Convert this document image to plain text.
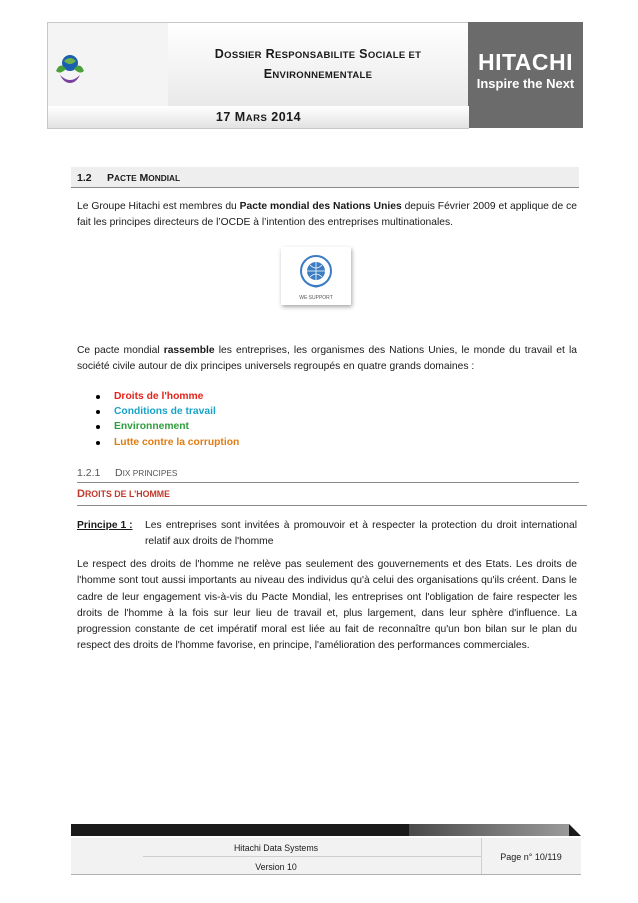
DOSSIER RESPONSABILITE SOCIALE ET
ENVIRONNEMENTALE
HITACHI
Inspire the Next
17 MARS 2014
1.2 PACTE MONDIAL
Le Groupe Hitachi est membres du Pacte mondial des Nations Unies depuis Février 2009 et applique de ce fait les principes directeurs de l’OCDE à l’intention des entreprises multinationales.
WE SUPPORT
Ce pacte mondial rassemble les entreprises, les organismes des Nations Unies, le monde du travail et la société civile autour de dix principes universels regroupés en quatre grands domaines :
Droits de l'homme
Conditions de travail
Environnement
Lutte contre la corruption
1.2.1 DIX PRINCIPES
DROITS DE L’HOMME
Principe 1 : Les entreprises sont invitées à promouvoir et à respecter la protection du droit international relatif aux droits de l'homme
Le respect des droits de l'homme ne relève pas seulement des gouvernements et des Etats. Les droits de l'homme sont tout aussi importants au niveau des individus qu'à celui des organisations qu'ils créent. Dans le cadre de leur engagement vis-à-vis du Pacte Mondial, les entreprises ont l'obligation de faire respecter les droits de l'homme à la fois sur leur lieu de travail et, plus largement, dans leur sphère d'influence. La progression constante de cet impératif moral est liée au fait de reconnaître qu'un bon bilan sur le plan du respect des droits de l'homme favorise, en principe, l'amélioration des performances commerciales.
Hitachi Data Systems
Version 10
Page n° 10/119
